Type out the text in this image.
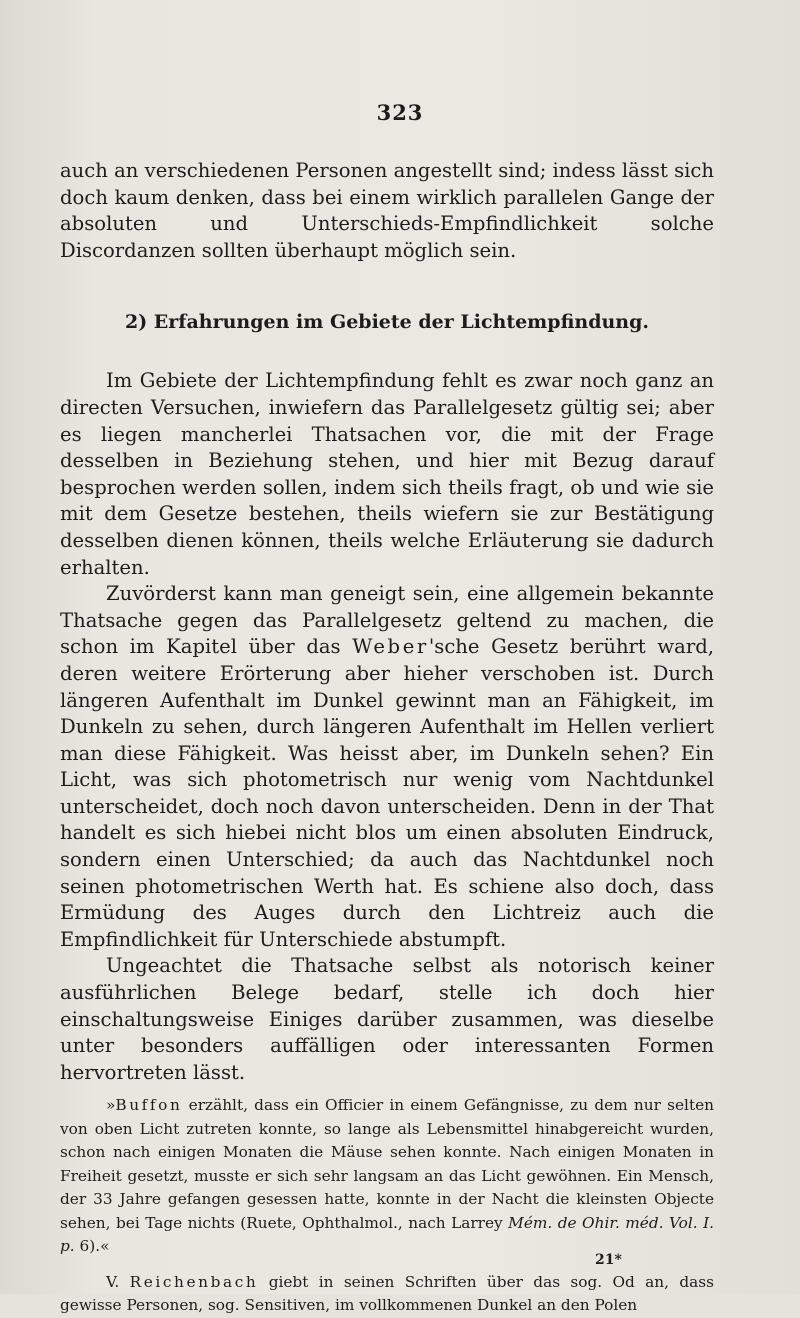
323

auch an verschiedenen Personen angestellt sind; indess lässt sich doch kaum denken, dass bei einem wirklich parallelen Gange der absoluten und Unterschieds-Empfindlichkeit solche Discordanzen sollten überhaupt möglich sein.

2) Erfahrungen im Gebiete der Lichtempfindung.

Im Gebiete der Lichtempfindung fehlt es zwar noch ganz an directen Versuchen, inwiefern das Parallelgesetz gültig sei; aber es liegen mancherlei Thatsachen vor, die mit der Frage desselben in Beziehung stehen, und hier mit Bezug darauf besprochen werden sollen, indem sich theils fragt, ob und wie sie mit dem Gesetze bestehen, theils wiefern sie zur Bestätigung desselben dienen können, theils welche Erläuterung sie dadurch erhalten.

Zuvörderst kann man geneigt sein, eine allgemein bekannte Thatsache gegen das Parallelgesetz geltend zu machen, die schon im Kapitel über das Weber'sche Gesetz berührt ward, deren weitere Erörterung aber hieher verschoben ist. Durch längeren Aufenthalt im Dunkel gewinnt man an Fähigkeit, im Dunkeln zu sehen, durch längeren Aufenthalt im Hellen verliert man diese Fähigkeit. Was heisst aber, im Dunkeln sehen? Ein Licht, was sich photometrisch nur wenig vom Nachtdunkel unterscheidet, doch noch davon unterscheiden. Denn in der That handelt es sich hiebei nicht blos um einen absoluten Eindruck, sondern einen Unterschied; da auch das Nachtdunkel noch seinen photometrischen Werth hat. Es schiene also doch, dass Ermüdung des Auges durch den Lichtreiz auch die Empfindlichkeit für Unterschiede abstumpft.

Ungeachtet die Thatsache selbst als notorisch keiner ausführlichen Belege bedarf, stelle ich doch hier einschaltungsweise Einiges darüber zusammen, was dieselbe unter besonders auffälligen oder interessanten Formen hervortreten lässt.

»Buffon erzählt, dass ein Officier in einem Gefängnisse, zu dem nur selten von oben Licht zutreten konnte, so lange als Lebensmittel hinabgereicht wurden, schon nach einigen Monaten die Mäuse sehen konnte. Nach einigen Monaten in Freiheit gesetzt, musste er sich sehr langsam an das Licht gewöhnen. Ein Mensch, der 33 Jahre gefangen gesessen hatte, konnte in der Nacht die kleinsten Objecte sehen, bei Tage nichts (Ruete, Ophthalmol., nach Larrey Mém. de Ohir. méd. Vol. I. p. 6).«

V. Reichenbach giebt in seinen Schriften über das sog. Od an, dass gewisse Personen, sog. Sensitiven, im vollkommenen Dunkel an den Polen

21*
